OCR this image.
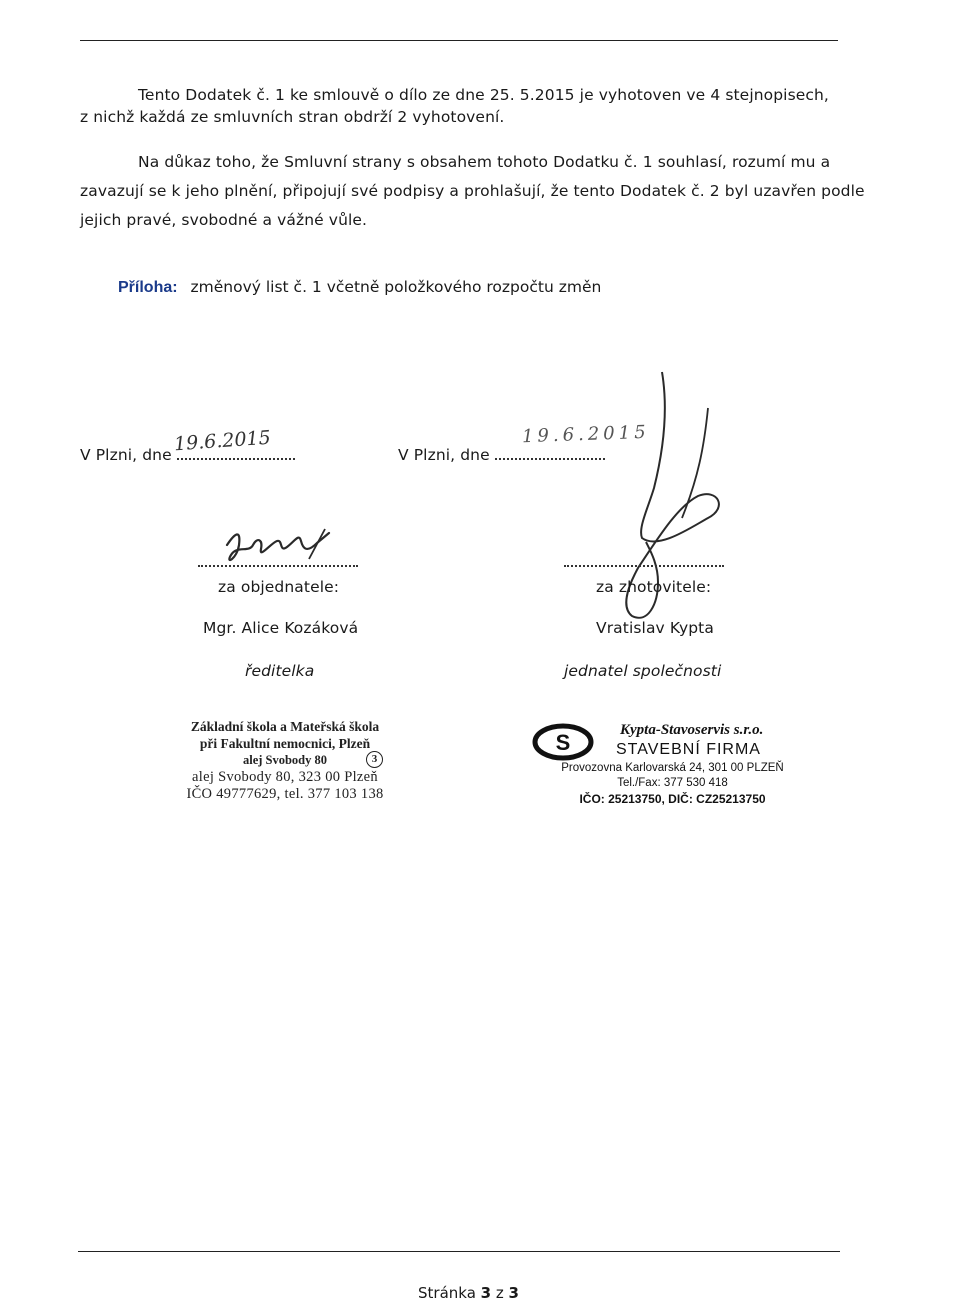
Tento Dodatek č. 1 ke smlouvě o dílo ze dne 25. 5.2015 je vyhotoven ve 4 stejnopisech,
z nichž každá ze smluvních stran obdrží 2 vyhotovení.
Na důkaz toho, že Smluvní strany s obsahem tohoto Dodatku č. 1 souhlasí, rozumí mu a
zavazují se k jeho plnění, připojují své podpisy a prohlašují, že tento Dodatek č. 2 byl uzavřen podle
jejich pravé, svobodné a vážné vůle.
Příloha: změnový list č. 1 včetně položkového rozpočtu změn
V Plzni, dne 19.6.2015	V Plzni, dne
19.6.2015
za objednatele:
Mgr. Alice Kozáková
ředitelka
za zhotovitele:
Vratislav Kypta
jednatel společnosti
Základní škola a Mateřská škola
při Fakultní nemocnici, Plzeň
alej Svobody 80	3
alej Svobody 80, 323 00 Plzeň
IČO 49777629, tel. 377 103 138
S	Kypta-Stavoservis s.r.o.
STAVEBNÍ FIRMA
Provozovna Karlovarská 24, 301 00 PLZEŇ
Tel./Fax: 377 530 418
IČO: 25213750, DIČ: CZ25213750
Stránka 3 z 3
